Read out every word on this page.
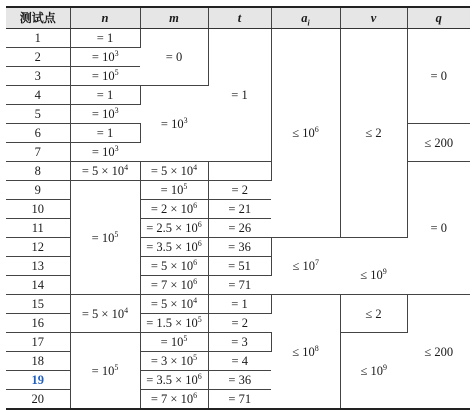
测试点	n	m	t	$a_i$	v	q
1	= 1	= 0	= 1	≤ $10^6$	≤ 2	= 0
2	= $10^3$
3	= $10^5$
4	= 1	= $10^3$
5	= $10^3$
6	= 1					≤ 200
7	= $10^3$
8	= $5 \times 10^4$	= $5 \times 10^4$				= 0
9	= $10^5$	= $10^5$	= 2			
10		= $2 \times 10^6$	= 21			
11		= $2.5 \times 10^6$	= 26			
12		= $3.5 \times 10^6$	= 36	≤ $10^7$
13		= $5 \times 10^6$	= 51		≤ $10^9$
14		= $7 \times 10^6$	= 71			
15	= $5 \times 10^4$	= $5 \times 10^4$	= 1	≤ $10^8$	≤ 2	≤ 200
16		= $1.5 \times 10^5$	= 2			
17	= $10^5$	= $10^5$	= 3		≤ $10^9$
18		= $3 \times 10^5$	= 4			
19		= $3.5 \times 10^6$	= 36			
20		= $7 \times 10^6$	= 71			
